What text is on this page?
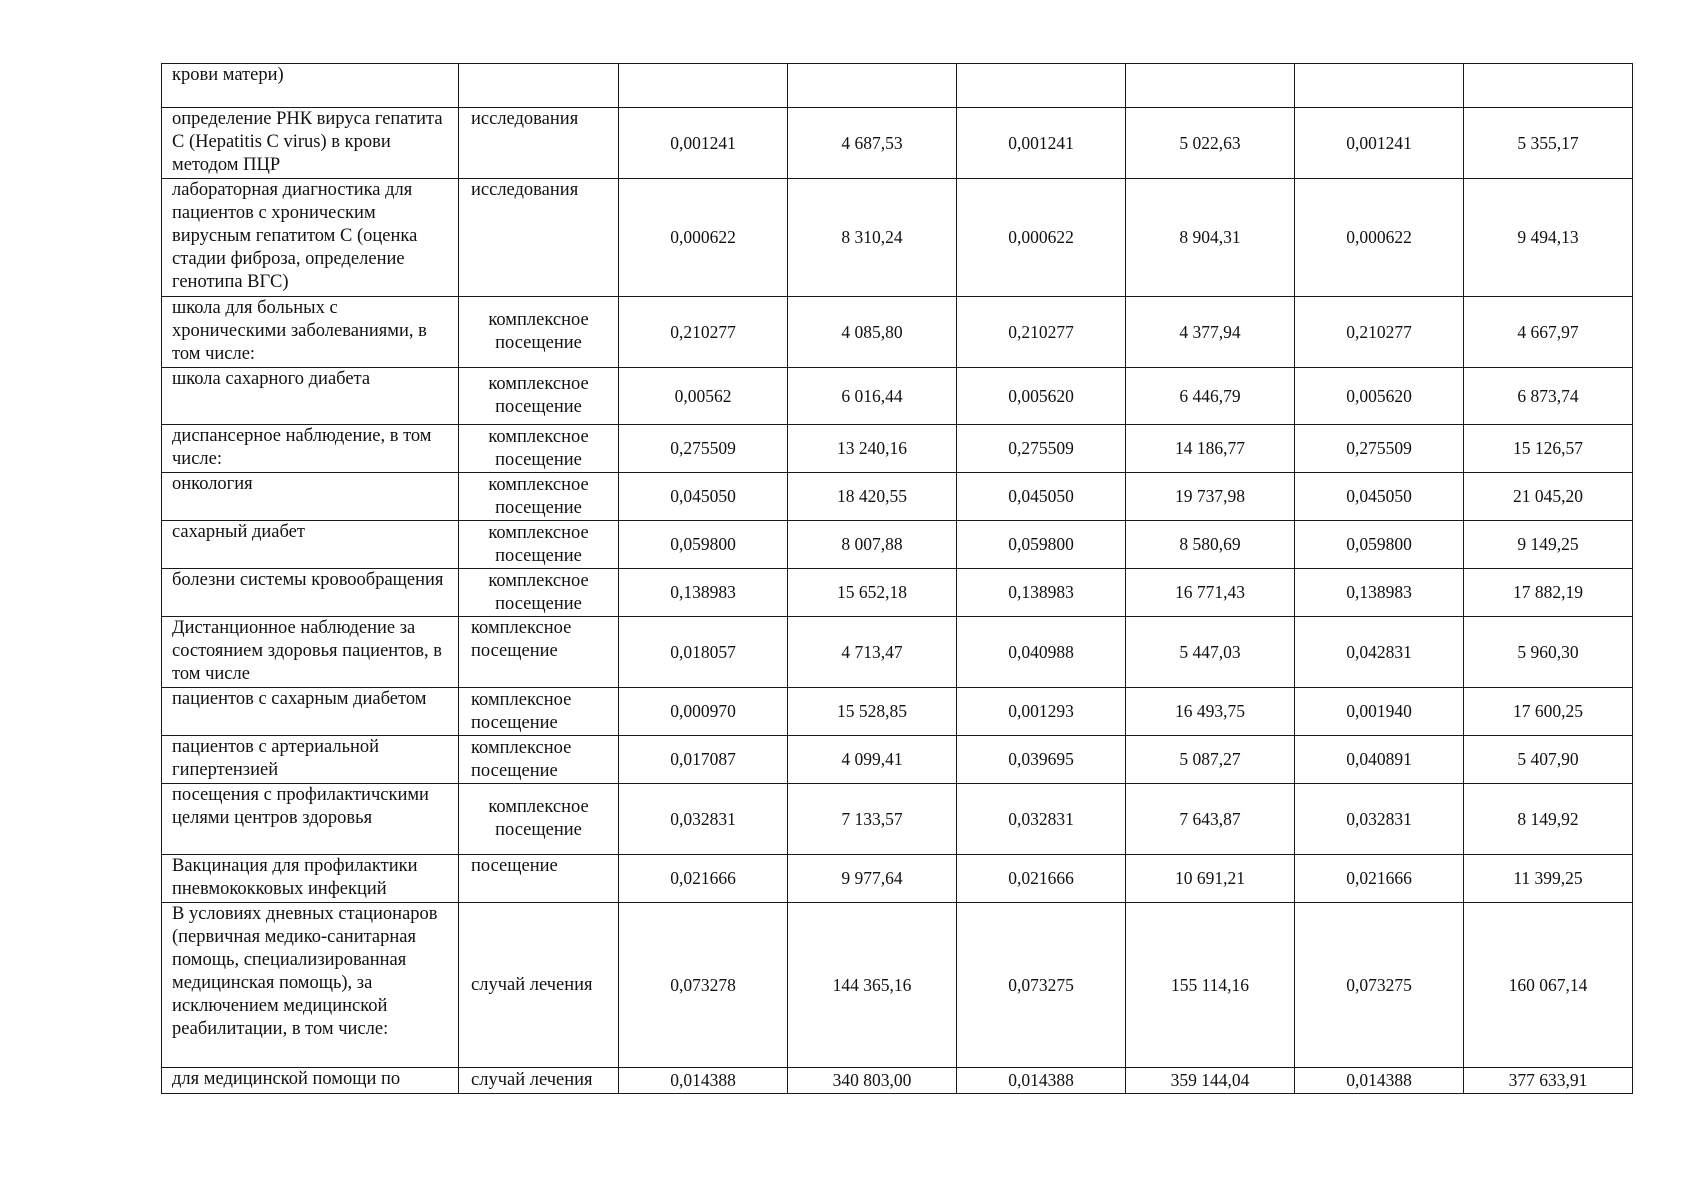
крови матери)							
определение РНК вируса гепатита С (Hepatitis C virus) в крови методом ПЦР	исследования	0,001241	4 687,53	0,001241	5 022,63	0,001241	5 355,17
лабораторная диагностика для пациентов с хроническим вирусным гепатитом С (оценка стадии фиброза, определение генотипа ВГС)	исследования	0,000622	8 310,24	0,000622	8 904,31	0,000622	9 494,13
школа для больных с хроническими заболеваниями, в том числе:	комплексное посещение	0,210277	4 085,80	0,210277	4 377,94	0,210277	4 667,97
школа сахарного диабета	комплексное посещение	0,00562	6 016,44	0,005620	6 446,79	0,005620	6 873,74
диспансерное наблюдение, в том числе:	комплексное посещение	0,275509	13 240,16	0,275509	14 186,77	0,275509	15 126,57
онкология	комплексное посещение	0,045050	18 420,55	0,045050	19 737,98	0,045050	21 045,20
сахарный диабет	комплексное посещение	0,059800	8 007,88	0,059800	8 580,69	0,059800	9 149,25
болезни системы кровообращения	комплексное посещение	0,138983	15 652,18	0,138983	16 771,43	0,138983	17 882,19
Дистанционное наблюдение за состоянием здоровья пациентов, в том числе	комплексное посещение	0,018057	4 713,47	0,040988	5 447,03	0,042831	5 960,30
пациентов с сахарным диабетом	комплексное посещение	0,000970	15 528,85	0,001293	16 493,75	0,001940	17 600,25
пациентов с артериальной гипертензией	комплексное посещение	0,017087	4 099,41	0,039695	5 087,27	0,040891	5 407,90
посещения с профилактичскими целями центров здоровья	комплексное посещение	0,032831	7 133,57	0,032831	7 643,87	0,032831	8 149,92
Вакцинация для профилактики пневмококковых инфекций	посещение	0,021666	9 977,64	0,021666	10 691,21	0,021666	11 399,25
В условиях дневных стационаров (первичная медико-санитарная помощь, специализированная медицинская помощь), за исключением медицинской реабилитации, в том числе:	случай лечения	0,073278	144 365,16	0,073275	155 114,16	0,073275	160 067,14
для медицинской помощи по	случай лечения	0,014388	340 803,00	0,014388	359 144,04	0,014388	377 633,91
